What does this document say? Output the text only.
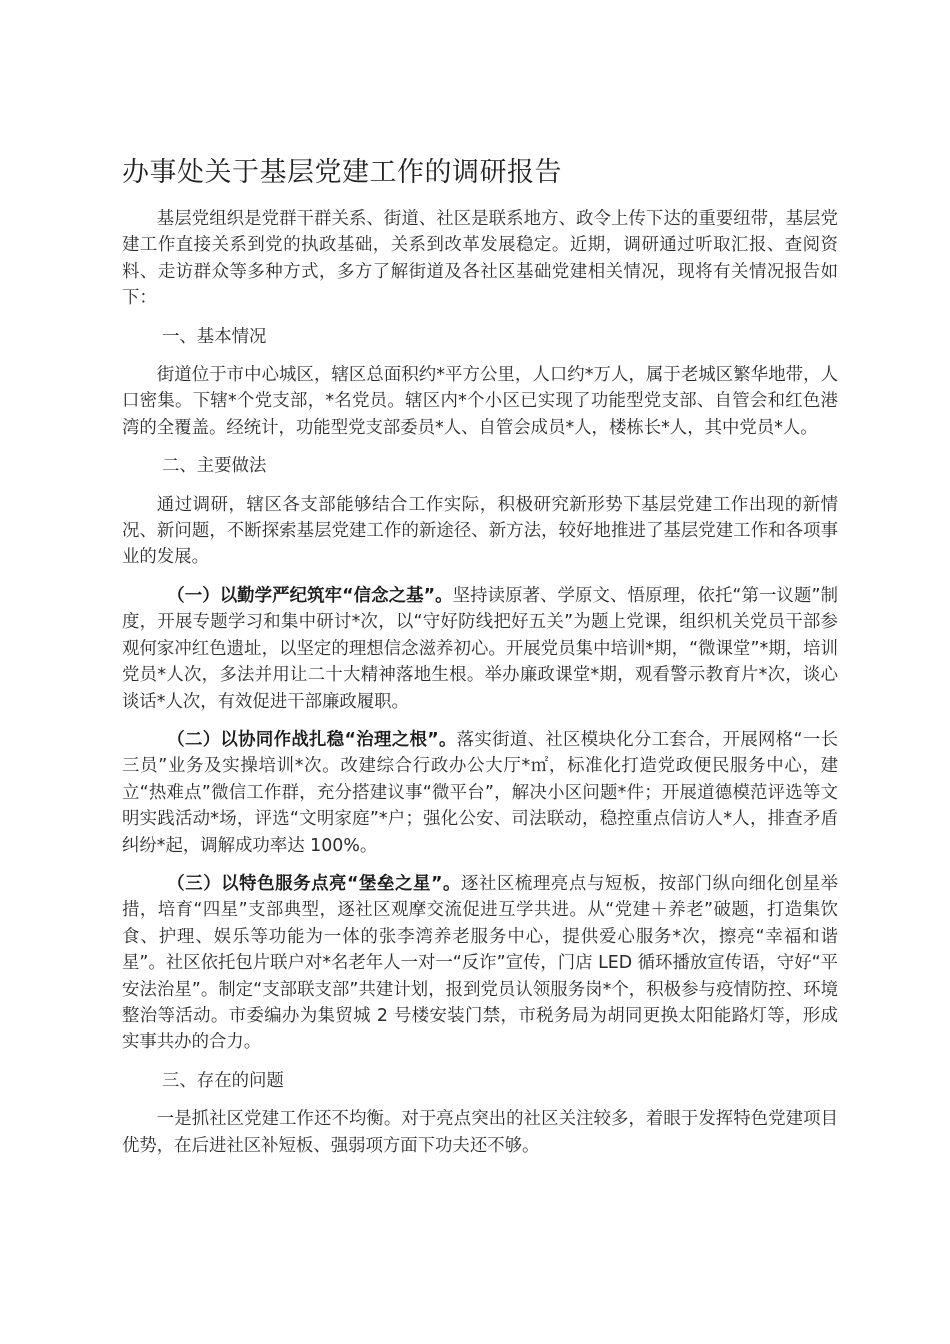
办事处关于基层党建工作的调研报告

基层党组织是党群干群关系、街道、社区是联系地方、政令上传下达的重要纽带，基层党建工作直接关系到党的执政基础，关系到改革发展稳定。近期，调研通过听取汇报、查阅资料、走访群众等多种方式，多方了解街道及各社区基础党建相关情况，现将有关情况报告如下：

一、基本情况

街道位于市中心城区，辖区总面积约*平方公里，人口约*万人，属于老城区繁华地带，人口密集。下辖*个党支部，*名党员。辖区内*个小区已实现了功能型党支部、自管会和红色港湾的全覆盖。经统计，功能型党支部委员*人、自管会成员*人，楼栋长*人，其中党员*人。

二、主要做法

通过调研，辖区各支部能够结合工作实际，积极研究新形势下基层党建工作出现的新情况、新问题，不断探索基层党建工作的新途径、新方法，较好地推进了基层党建工作和各项事业的发展。

（一）以勤学严纪筑牢“信念之基”。坚持读原著、学原文、悟原理，依托“第一议题”制度，开展专题学习和集中研讨*次，以“守好防线把好五关”为题上党课，组织机关党员干部参观何家冲红色遗址，以坚定的理想信念滋养初心。开展党员集中培训*期，“微课堂”*期，培训党员*人次，多法并用让二十大精神落地生根。举办廉政课堂*期，观看警示教育片*次，谈心谈话*人次，有效促进干部廉政履职。

（二）以协同作战扎稳“治理之根”。落实街道、社区模块化分工套合，开展网格“一长三员”业务及实操培训*次。改建综合行政办公大厅*㎡，标准化打造党政便民服务中心，建立“热难点”微信工作群，充分搭建议事“微平台”，解决小区问题*件；开展道德模范评选等文明实践活动*场，评选“文明家庭”*户；强化公安、司法联动，稳控重点信访人*人，排查矛盾纠纷*起，调解成功率达 100%。

（三）以特色服务点亮“堡垒之星”。逐社区梳理亮点与短板，按部门纵向细化创星举措，培育“四星”支部典型，逐社区观摩交流促进互学共进。从“党建＋养老”破题，打造集饮食、护理、娱乐等功能为一体的张李湾养老服务中心，提供爱心服务*次，擦亮“幸福和谐星”。社区依托包片联户对*名老年人一对一“反诈”宣传，门店 LED 循环播放宣传语，守好“平安法治星”。制定“支部联支部”共建计划，报到党员认领服务岗*个，积极参与疫情防控、环境整治等活动。市委编办为集贸城 2 号楼安装门禁，市税务局为胡同更换太阳能路灯等，形成实事共办的合力。

三、存在的问题

一是抓社区党建工作还不均衡。对于亮点突出的社区关注较多，着眼于发挥特色党建项目优势，在后进社区补短板、强弱项方面下功夫还不够。
